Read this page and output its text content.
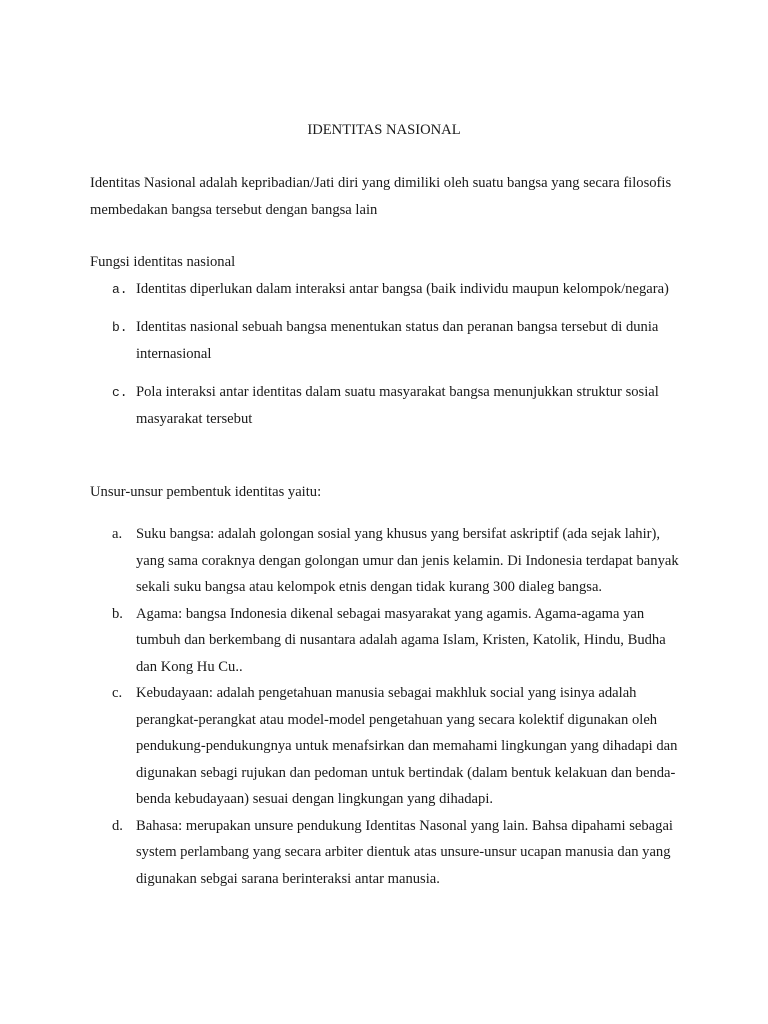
IDENTITAS NASIONAL

Identitas Nasional adalah kepribadian/Jati diri yang dimiliki oleh suatu bangsa yang secara filosofis membedakan bangsa tersebut dengan bangsa lain

Fungsi identitas nasional

a. Identitas diperlukan dalam interaksi antar bangsa (baik individu maupun kelompok/negara)
b. Identitas nasional sebuah bangsa menentukan status dan peranan bangsa tersebut di dunia internasional
c. Pola interaksi antar identitas dalam suatu masyarakat bangsa menunjukkan struktur sosial masyarakat tersebut

Unsur-unsur pembentuk identitas yaitu:

a. Suku bangsa: adalah golongan sosial yang khusus yang bersifat askriptif (ada sejak lahir), yang sama coraknya dengan golongan umur dan jenis kelamin. Di Indonesia terdapat banyak sekali suku bangsa atau kelompok etnis dengan tidak kurang 300 dialeg bangsa.
b. Agama: bangsa Indonesia dikenal sebagai masyarakat yang agamis. Agama-agama yan tumbuh dan berkembang di nusantara adalah agama Islam, Kristen, Katolik, Hindu, Budha dan Kong Hu Cu..
c. Kebudayaan: adalah pengetahuan manusia sebagai makhluk social yang isinya adalah perangkat-perangkat atau model-model pengetahuan yang secara kolektif digunakan oleh pendukung-pendukungnya untuk menafsirkan dan memahami lingkungan yang dihadapi dan digunakan sebagi rujukan dan pedoman untuk bertindak (dalam bentuk kelakuan dan benda-benda kebudayaan) sesuai dengan lingkungan yang dihadapi.
d. Bahasa: merupakan unsure pendukung Identitas Nasonal yang lain. Bahsa dipahami sebagai system perlambang yang secara arbiter dientuk atas unsure-unsur ucapan manusia dan yang digunakan sebgai sarana berinteraksi antar manusia.
